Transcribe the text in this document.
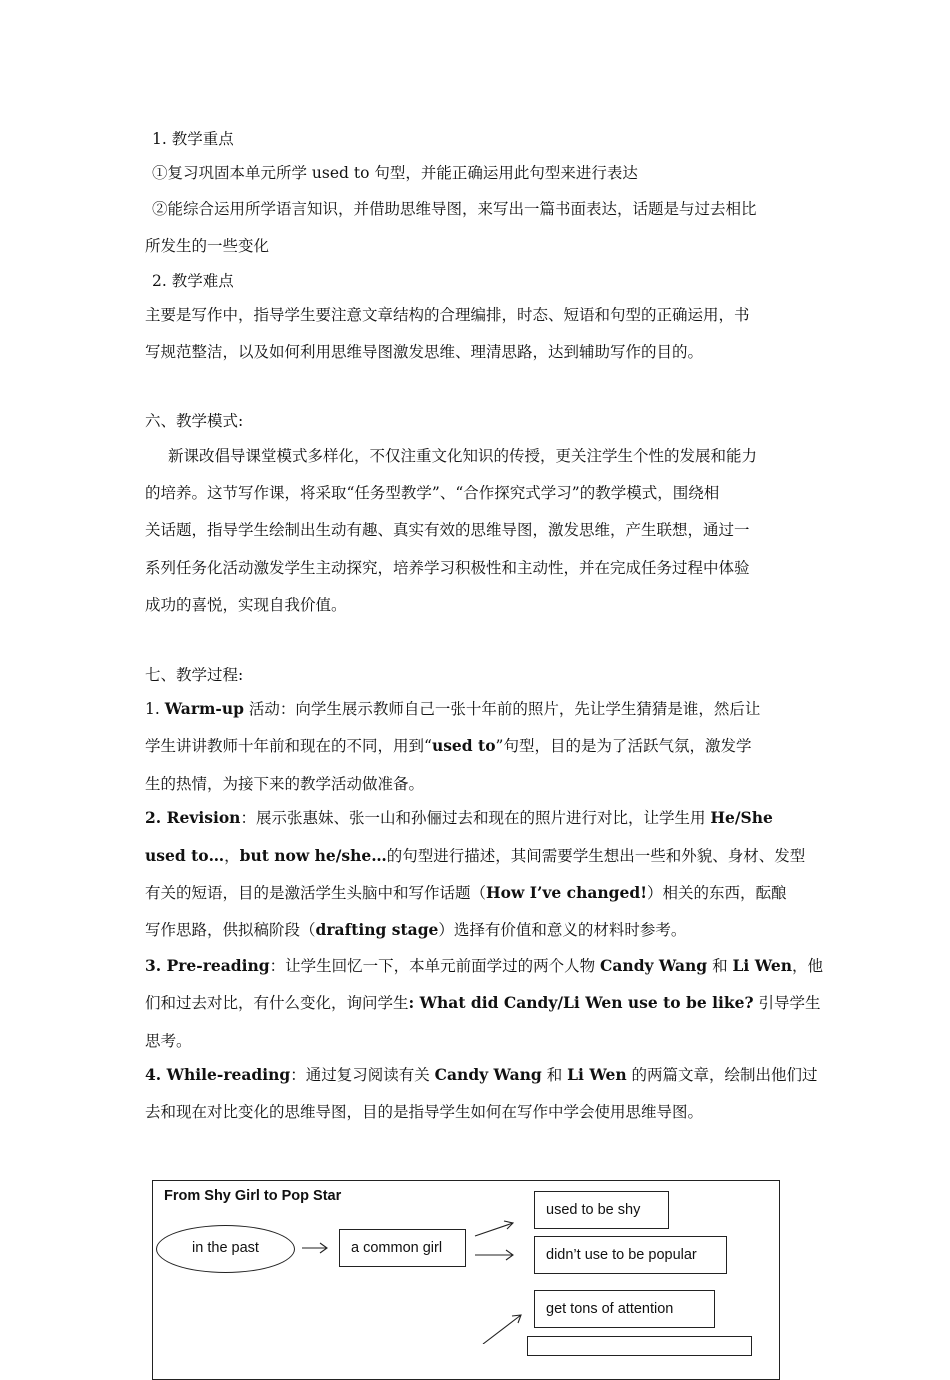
1. 教学重点
①复习巩固本单元所学 used to 句型，并能正确运用此句型来进行表达
②能综合运用所学语言知识，并借助思维导图，来写出一篇书面表达，话题是与过去相比
所发生的一些变化
2. 教学难点
主要是写作中，指导学生要注意文章结构的合理编排，时态、短语和句型的正确运用，书
写规范整洁，以及如何利用思维导图激发思维、理清思路，达到辅助写作的目的。
六、教学模式:
新课改倡导课堂模式多样化，不仅注重文化知识的传授，更关注学生个性的发展和能力
的培养。这节写作课，将采取“任务型教学”、“合作探究式学习”的教学模式，围绕相
关话题，指导学生绘制出生动有趣、真实有效的思维导图，激发思维，产生联想，通过一
系列任务化活动激发学生主动探究，培养学习积极性和主动性，并在完成任务过程中体验
成功的喜悦，实现自我价值。
七、教学过程:
1. Warm-up 活动：向学生展示教师自己一张十年前的照片，先让学生猜猜是谁，然后让
学生讲讲教师十年前和现在的不同，用到“used to”句型，目的是为了活跃气氛，激发学
生的热情，为接下来的教学活动做准备。
2. Revision：展示张惠妹、张一山和孙俪过去和现在的照片进行对比，让学生用 He/She
used to…，but now he/she…的句型进行描述，其间需要学生想出一些和外貌、身材、发型
有关的短语，目的是激活学生头脑中和写作话题（How I’ve changed!）相关的东西，酝酿
写作思路，供拟稿阶段（drafting stage）选择有价值和意义的材料时参考。
3. Pre-reading：让学生回忆一下，本单元前面学过的两个人物 Candy Wang 和 Li Wen，他
们和过去对比，有什么变化，询问学生: What did Candy/Li Wen use to be like? 引导学生
思考。
4. While-reading：通过复习阅读有关 Candy Wang 和 Li Wen 的两篇文章，绘制出他们过
去和现在对比变化的思维导图，目的是指导学生如何在写作中学会使用思维导图。
From Shy Girl to Pop Star
in the past	a common girl
used to be shy
didn’t use to be popular
get tons of attention
